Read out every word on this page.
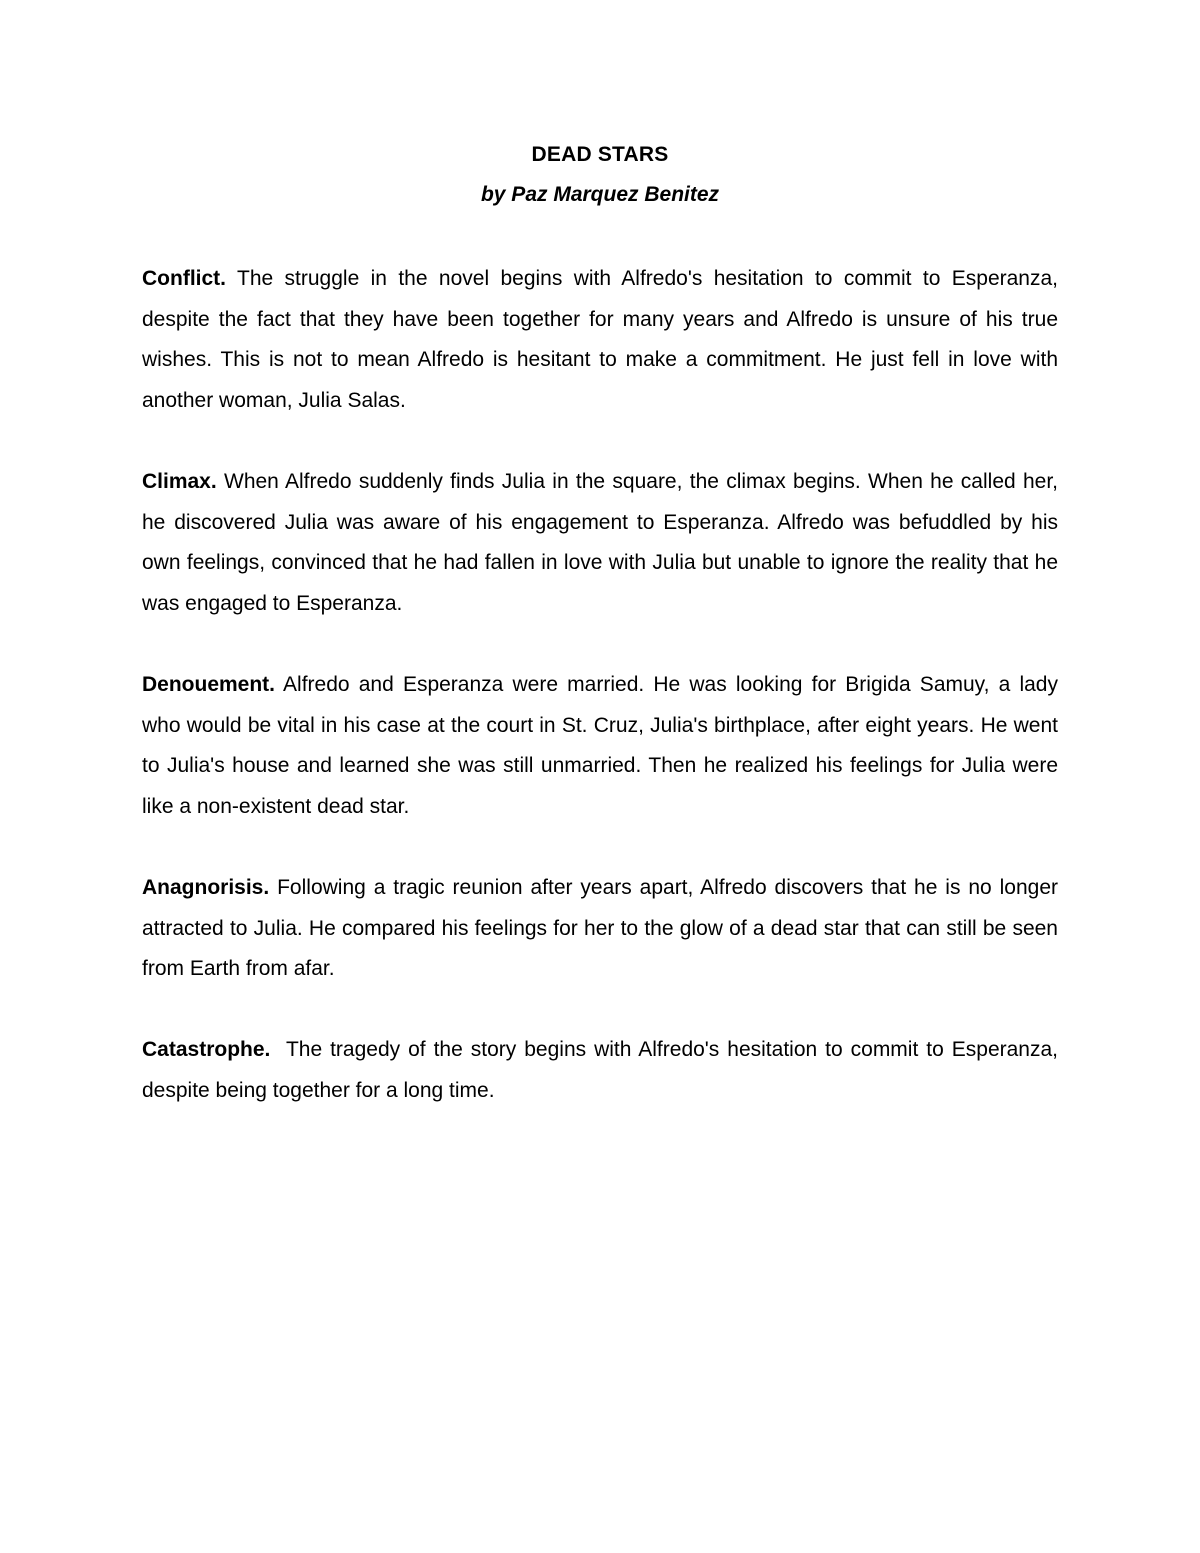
DEAD STARS

by Paz Marquez Benitez

Conflict. The struggle in the novel begins with Alfredo's hesitation to commit to Esperanza, despite the fact that they have been together for many years and Alfredo is unsure of his true wishes. This is not to mean Alfredo is hesitant to make a commitment. He just fell in love with another woman, Julia Salas.

Climax. When Alfredo suddenly finds Julia in the square, the climax begins. When he called her, he discovered Julia was aware of his engagement to Esperanza. Alfredo was befuddled by his own feelings, convinced that he had fallen in love with Julia but unable to ignore the reality that he was engaged to Esperanza.

Denouement. Alfredo and Esperanza were married. He was looking for Brigida Samuy, a lady who would be vital in his case at the court in St. Cruz, Julia's birthplace, after eight years. He went to Julia's house and learned she was still unmarried. Then he realized his feelings for Julia were like a non-existent dead star.

Anagnorisis. Following a tragic reunion after years apart, Alfredo discovers that he is no longer attracted to Julia. He compared his feelings for her to the glow of a dead star that can still be seen from Earth from afar.

Catastrophe. The tragedy of the story begins with Alfredo's hesitation to commit to Esperanza, despite being together for a long time.
